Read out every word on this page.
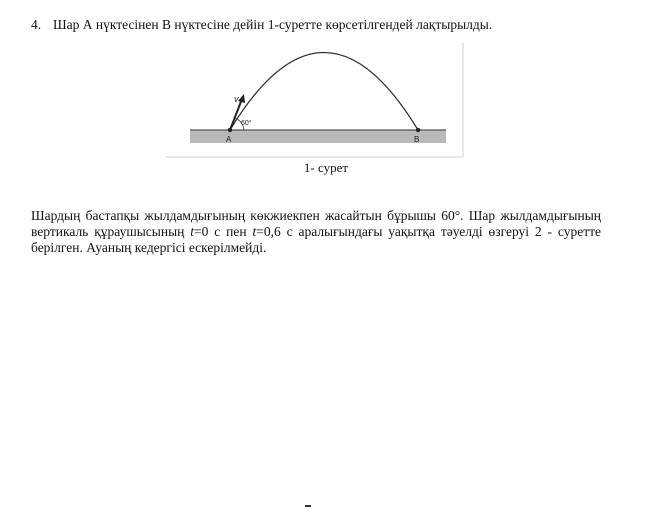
4. Шар А нүктесінен В нүктесіне дейін 1-суретте көрсетілгендей лақтырылды.
v
60°
A	B
1- сурет
Шардың бастапқы жылдамдығының көкжиекпен жасайтын бұрышы 60°. Шар жылдамдығының вертикаль құраушысының t=0 с пен t=0,6 с аралығындағы уақытқа тәуелді өзгеруі 2 - суретте берілген. Ауаның кедергісі ескерілмейді.
